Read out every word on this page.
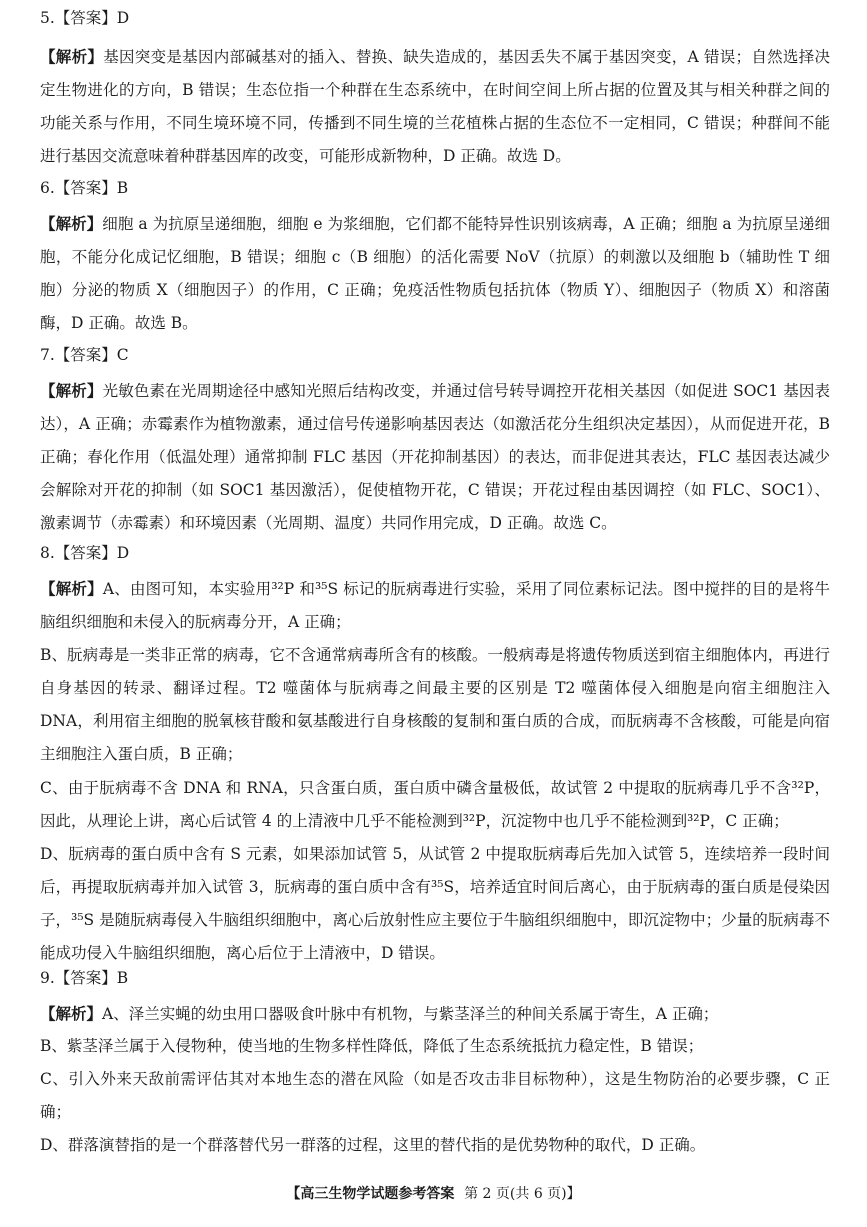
5.【答案】D
【解析】基因突变是基因内部碱基对的插入、替换、缺失造成的，基因丢失不属于基因突变，A 错误；自然选择决定生物进化的方向，B 错误；生态位指一个种群在生态系统中，在时间空间上所占据的位置及其与相关种群之间的功能关系与作用，不同生境环境不同，传播到不同生境的兰花植株占据的生态位不一定相同，C 错误；种群间不能进行基因交流意味着种群基因库的改变，可能形成新物种，D 正确。故选 D。
6.【答案】B
【解析】细胞 a 为抗原呈递细胞，细胞 e 为浆细胞，它们都不能特异性识别该病毒，A 正确；细胞 a 为抗原呈递细胞，不能分化成记忆细胞，B 错误；细胞 c（B 细胞）的活化需要 NoV（抗原）的刺激以及细胞 b（辅助性 T 细胞）分泌的物质 X（细胞因子）的作用，C 正确；免疫活性物质包括抗体（物质 Y）、细胞因子（物质 X）和溶菌酶，D 正确。故选 B。
7.【答案】C
【解析】光敏色素在光周期途径中感知光照后结构改变，并通过信号转导调控开花相关基因（如促进 SOC1 基因表达），A 正确；赤霉素作为植物激素，通过信号传递影响基因表达（如激活花分生组织决定基因），从而促进开花，B 正确；春化作用（低温处理）通常抑制 FLC 基因（开花抑制基因）的表达，而非促进其表达，FLC 基因表达减少会解除对开花的抑制（如 SOC1 基因激活），促使植物开花，C 错误；开花过程由基因调控（如 FLC、SOC1）、激素调节（赤霉素）和环境因素（光周期、温度）共同作用完成，D 正确。故选 C。
8.【答案】D
【解析】A、由图可知，本实验用³²P 和³⁵S 标记的朊病毒进行实验，采用了同位素标记法。图中搅拌的目的是将牛脑组织细胞和未侵入的朊病毒分开，A 正确；
B、朊病毒是一类非正常的病毒，它不含通常病毒所含有的核酸。一般病毒是将遗传物质送到宿主细胞体内，再进行自身基因的转录、翻译过程。T2 噬菌体与朊病毒之间最主要的区别是 T2 噬菌体侵入细胞是向宿主细胞注入 DNA，利用宿主细胞的脱氧核苷酸和氨基酸进行自身核酸的复制和蛋白质的合成，而朊病毒不含核酸，可能是向宿主细胞注入蛋白质，B 正确；
C、由于朊病毒不含 DNA 和 RNA，只含蛋白质，蛋白质中磷含量极低，故试管 2 中提取的朊病毒几乎不含³²P，因此，从理论上讲，离心后试管 4 的上清液中几乎不能检测到³²P，沉淀物中也几乎不能检测到³²P，C 正确；
D、朊病毒的蛋白质中含有 S 元素，如果添加试管 5，从试管 2 中提取朊病毒后先加入试管 5，连续培养一段时间后，再提取朊病毒并加入试管 3，朊病毒的蛋白质中含有³⁵S，培养适宜时间后离心，由于朊病毒的蛋白质是侵染因子，³⁵S 是随朊病毒侵入牛脑组织细胞中，离心后放射性应主要位于牛脑组织细胞中，即沉淀物中；少量的朊病毒不能成功侵入牛脑组织细胞，离心后位于上清液中，D 错误。
9.【答案】B
【解析】A、泽兰实蝇的幼虫用口器吸食叶脉中有机物，与紫茎泽兰的种间关系属于寄生，A 正确；
B、紫茎泽兰属于入侵物种，使当地的生物多样性降低，降低了生态系统抵抗力稳定性，B 错误；
C、引入外来天敌前需评估其对本地生态的潜在风险（如是否攻击非目标物种），这是生物防治的必要步骤，C 正确；
D、群落演替指的是一个群落替代另一群落的过程，这里的替代指的是优势物种的取代，D 正确。
【高三生物学试题参考答案 第 2 页(共 6 页)】
